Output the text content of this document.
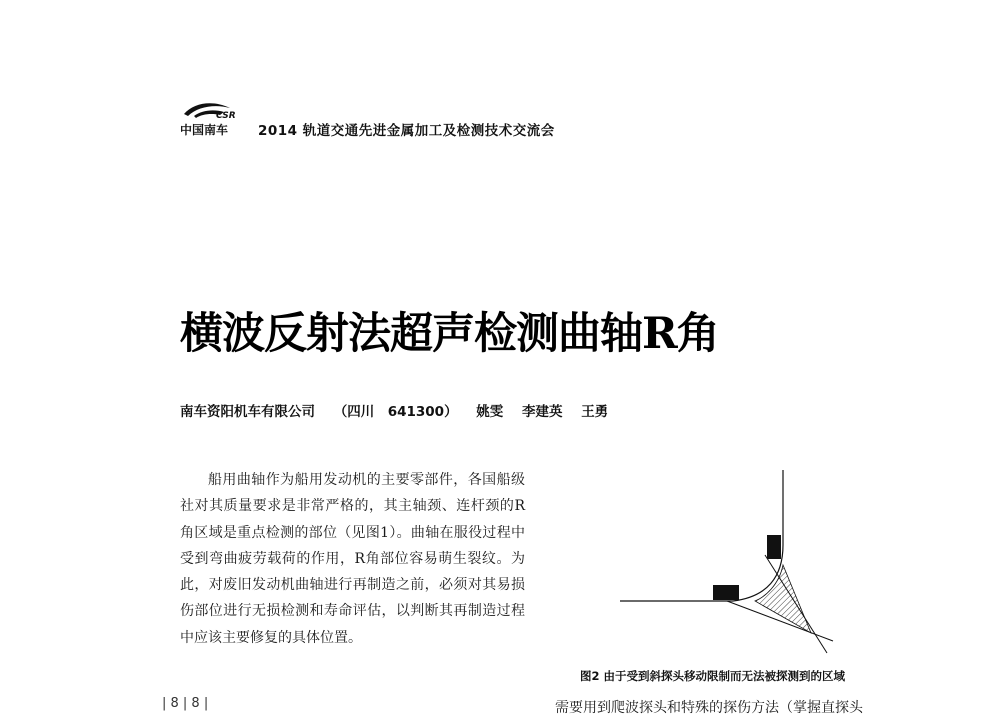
CSR
中国南车 2014 轨道交通先进金属加工及检测技术交流会
横波反射法超声检测曲轴R角
南车资阳机车有限公司 （四川　641300） 姚雯 李建英 王勇

船用曲轴作为船用发动机的主要零部件，各国船级社对其质量要求是非常严格的，其主轴颈、连杆颈的R角区域是重点检测的部位（见图1）。曲轴在服役过程中受到弯曲疲劳载荷的作用，R角部位容易萌生裂纹。为此，对废旧发动机曲轴进行再制造之前，必须对其易损伤部位进行无损检测和寿命评估，以判断其再制造过程中应该主要修复的具体位置。

图2 由于受到斜探头移动限制而无法被探测到的区域
需要用到爬波探头和特殊的探伤方法（掌握直探头
| 8 | 8 |
